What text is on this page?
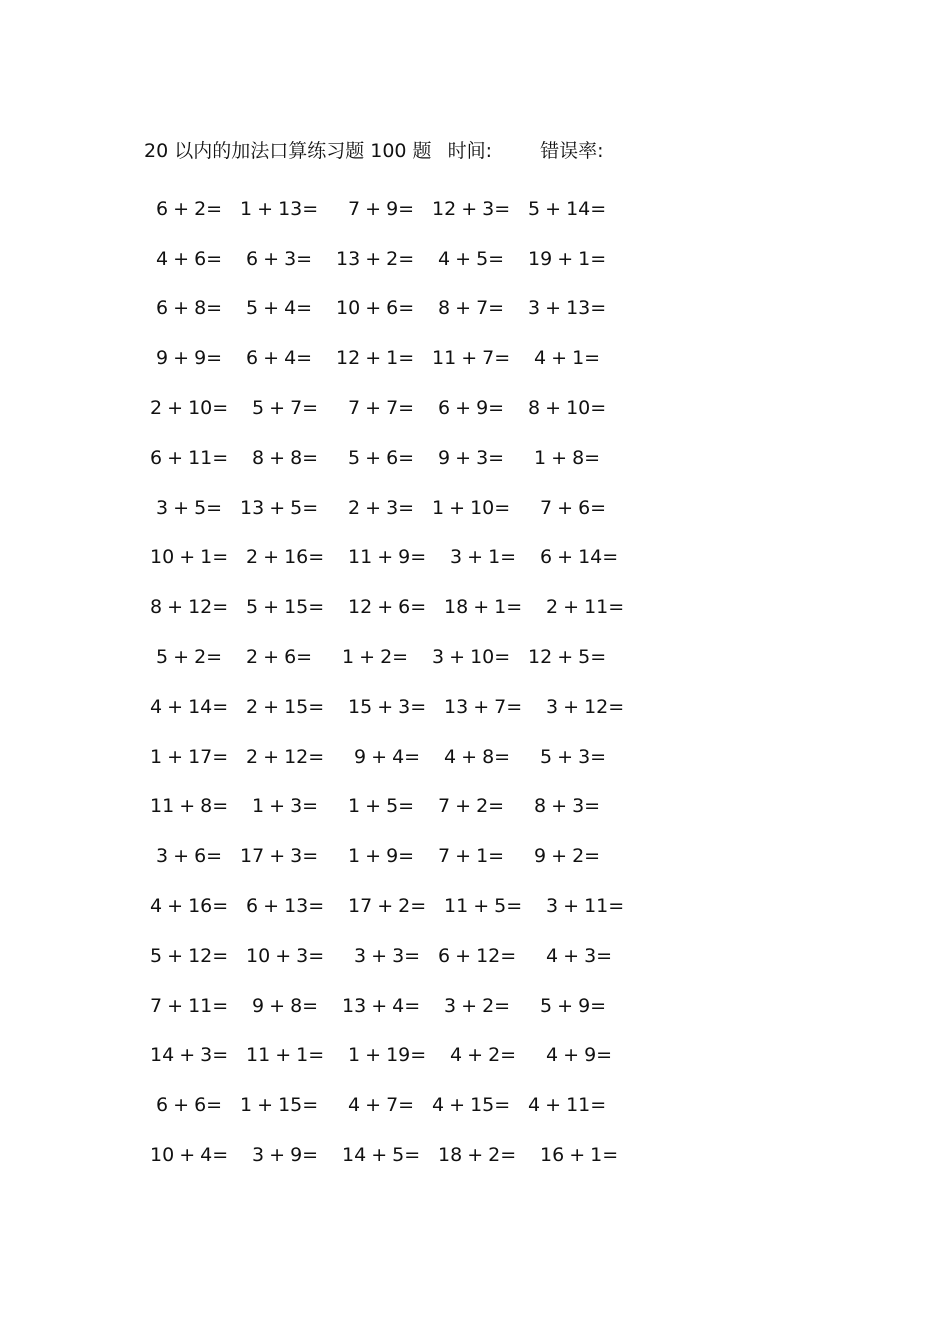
20 以内的加法口算练习题 100 题 时间:	错误率:
6 + 2= 1 + 13=	7 + 9= 12 + 3= 5 + 14=
4 + 6=	6 + 3=	13 + 2=	4 + 5=	19 + 1=
6 + 8=	5 + 4=	10 + 6=	8 + 7=	3 + 13=
9 + 9=	6 + 4=	12 + 1= 11 + 7=	4 + 1=
2 + 10=	5 + 7=	7 + 7=	6 + 9=	8 + 10=
6 + 11=	8 + 8=	5 + 6=	9 + 3=	1 + 8=
3 + 5= 13 + 5=	2 + 3= 1 + 10=	7 + 6=
10 + 1= 2 + 16=	11 + 9=	3 + 1=	6 + 14=
8 + 12= 5 + 15=	12 + 6= 18 + 1=	2 + 11=
5 + 2=	2 + 6=	1 + 2=	3 + 10= 12 + 5=
4 + 14= 2 + 15=	15 + 3= 13 + 7=	3 + 12=
1 + 17= 2 + 12=	9 + 4=	4 + 8=	5 + 3=
11 + 8=	1 + 3=	1 + 5=	7 + 2=	8 + 3=
3 + 6= 17 + 3=	1 + 9=	7 + 1=	9 + 2=
4 + 16= 6 + 13=	17 + 2= 11 + 5=	3 + 11=
5 + 12= 10 + 3=	3 + 3= 6 + 12=	4 + 3=
7 + 11=	9 + 8=	13 + 4=	3 + 2=	5 + 9=
14 + 3= 11 + 1=	1 + 19=	4 + 2=	4 + 9=
6 + 6= 1 + 15=	4 + 7= 4 + 15= 4 + 11=
10 + 4=	3 + 9=	14 + 5= 18 + 2=	16 + 1=
